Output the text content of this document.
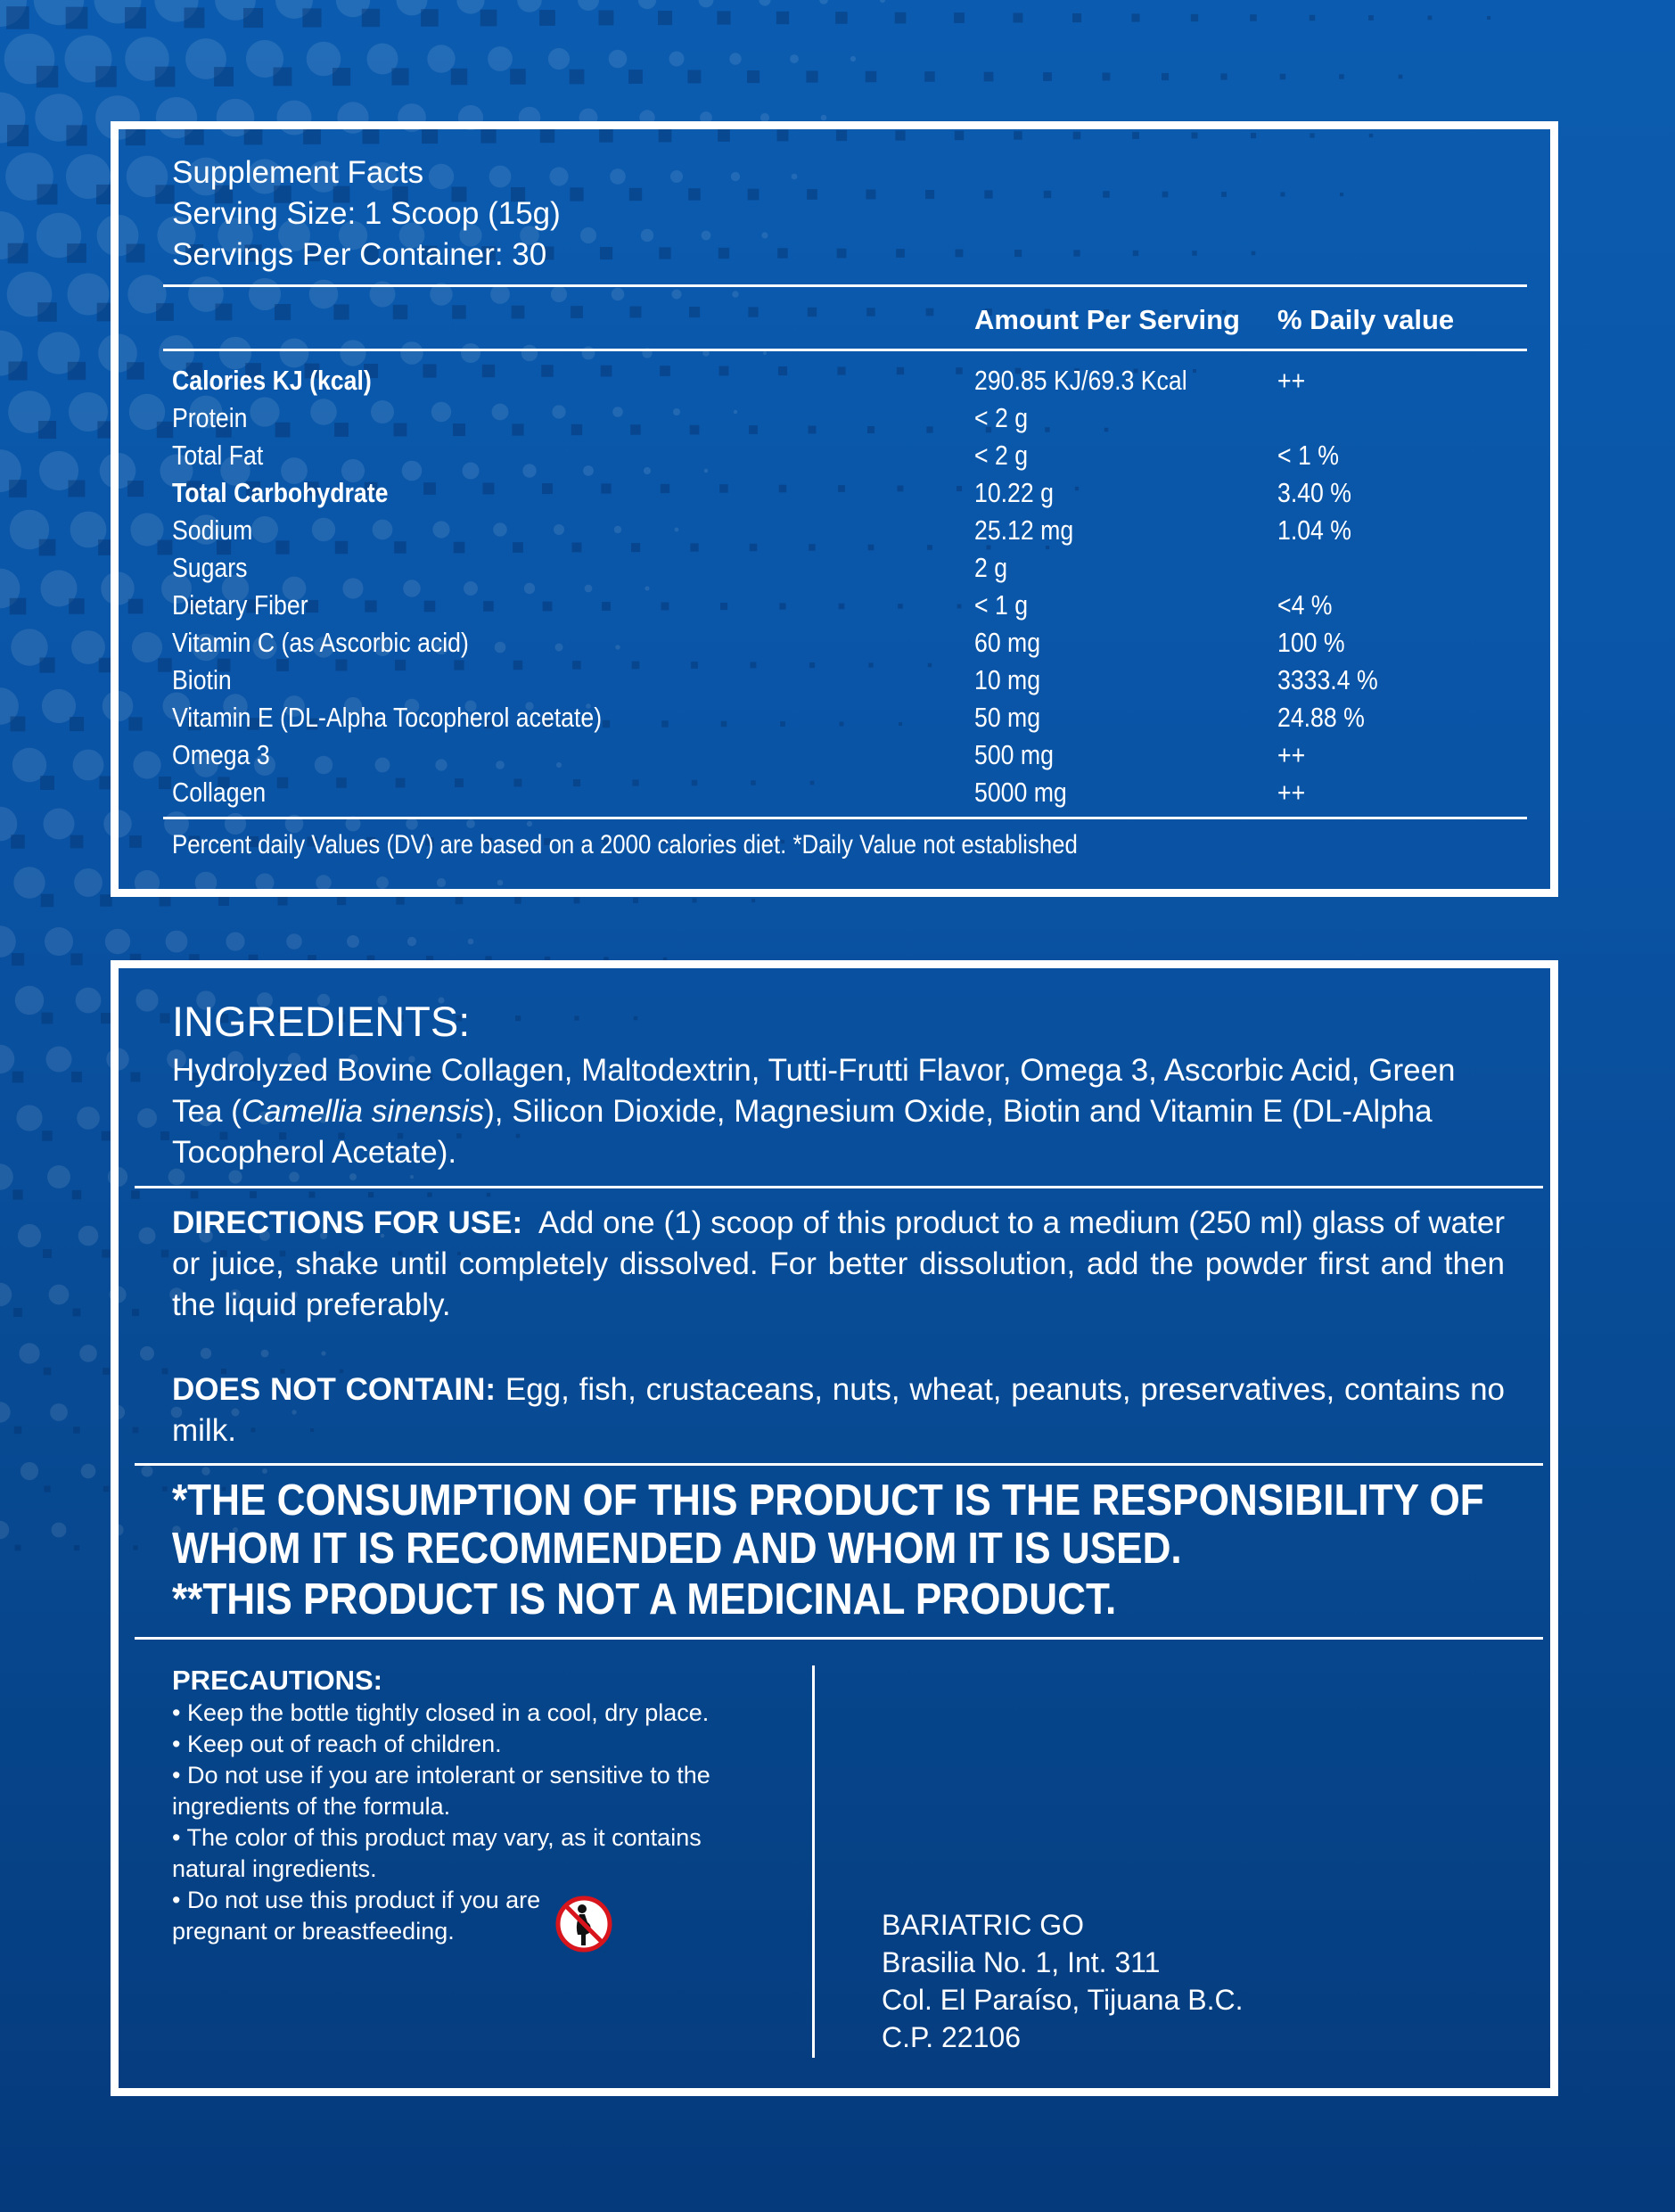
Supplement Facts
Serving Size: 1 Scoop (15g)
Servings Per Container: 30
Amount Per Serving % Daily value
Calories KJ (kcal)	290.85 KJ/69.3 Kcal	++
Protein	< 2 g
Total Fat	< 2 g	< 1 %
Total Carbohydrate	10.22 g	3.40 %
Sodium	25.12 mg	1.04 %
Sugars	2 g
Dietary Fiber	< 1 g	<4 %
Vitamin C (as Ascorbic acid)	60 mg	100 %
Biotin	10 mg	3333.4 %
Vitamin E (DL-Alpha Tocopherol acetate)	50 mg	24.88 %
Omega 3	500 mg	++
Collagen	5000 mg	++
Percent daily Values (DV) are based on a 2000 calories diet. *Daily Value not established
INGREDIENTS:
Hydrolyzed Bovine Collagen, Maltodextrin, Tutti-Frutti Flavor, Omega 3, Ascorbic Acid, Green Tea (Camellia sinensis), Silicon Dioxide, Magnesium Oxide, Biotin and Vitamin E (DL-Alpha Tocopherol Acetate).
DIRECTIONS FOR USE: Add one (1) scoop of this product to a medium (250 ml) glass of water or juice, shake until completely dissolved. For better dissolution, add the powder first and then the liquid preferably.
DOES NOT CONTAIN: Egg, fish, crustaceans, nuts, wheat, peanuts, preservatives, contains no milk.
*THE CONSUMPTION OF THIS PRODUCT IS THE RESPONSIBILITY OF
WHOM IT IS RECOMMENDED AND WHOM IT IS USED.
**THIS PRODUCT IS NOT A MEDICINAL PRODUCT.
PRECAUTIONS:
• Keep the bottle tightly closed in a cool, dry place.
• Keep out of reach of children.
• Do not use if you are intolerant or sensitive to the ingredients of the formula.
• The color of this product may vary, as it contains natural ingredients.
• Do not use this product if you are pregnant or breastfeeding.	BARIATRIC GO
Brasilia No. 1, Int. 311
Col. El Paraíso, Tijuana B.C.
C.P. 22106
